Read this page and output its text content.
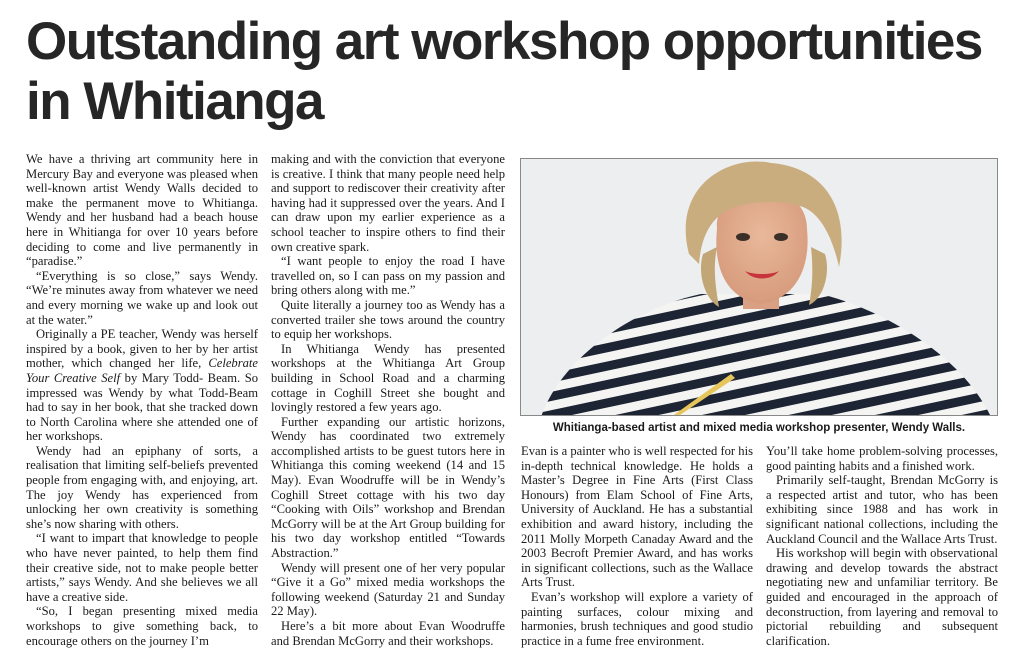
Outstanding art workshop opportunities
in Whitianga

We have a thriving art community here in Mercury Bay and everyone was pleased when well-known artist Wendy Walls decided to make the permanent move to Whitianga. Wendy and her husband had a beach house here in Whitianga for over 10 years before deciding to come and live permanently in “paradise.”

“Everything is so close,” says Wendy. “We’re minutes away from whatever we need and every morning we wake up and look out at the water.”

Originally a PE teacher, Wendy was herself inspired by a book, given to her by her artist mother, which changed her life, Celebrate Your Creative Self by Mary Todd- Beam. So impressed was Wendy by what Todd-Beam had to say in her book, that she tracked down to North Carolina where she attended one of her workshops.

Wendy had an epiphany of sorts, a realisation that limiting self-beliefs prevented people from engaging with, and enjoying, art. The joy Wendy has experienced from unlocking her own creativity is something she’s now sharing with others.

“I want to impart that knowledge to people who have never painted, to help them find their creative side, not to make people better artists,” says Wendy. And she believes we all have a creative side.

“So, I began presenting mixed media workshops to give something back, to encourage others on the journey I’m

making and with the conviction that everyone is creative. I think that many people need help and support to rediscover their creativity after having had it suppressed over the years. And I can draw upon my earlier experience as a school teacher to inspire others to find their own creative spark.

“I want people to enjoy the road I have travelled on, so I can pass on my passion and bring others along with me.”

Quite literally a journey too as Wendy has a converted trailer she tows around the country to equip her workshops.

In Whitianga Wendy has presented workshops at the Whitianga Art Group building in School Road and a charming cottage in Coghill Street she bought and lovingly restored a few years ago.

Further expanding our artistic horizons, Wendy has coordinated two extremely accomplished artists to be guest tutors here in Whitianga this coming weekend (14 and 15 May). Evan Woodruffe will be in Wendy’s Coghill Street cottage with his two day “Cooking with Oils” workshop and Brendan McGorry will be at the Art Group building for his two day workshop entitled “Towards Abstraction.”

Wendy will present one of her very popular “Give it a Go” mixed media workshops the following weekend (Saturday 21 and Sunday 22 May).

Here’s a bit more about Evan Woodruffe and Brendan McGorry and their workshops.

Whitianga-based artist and mixed media workshop presenter, Wendy Walls.

Evan is a painter who is well respected for his in-depth technical knowledge. He holds a Master’s Degree in Fine Arts (First Class Honours) from Elam School of Fine Arts, University of Auckland. He has a substantial exhibition and award history, including the 2011 Molly Morpeth Canaday Award and the 2003 Becroft Premier Award, and has works in significant collections, such as the Wallace Arts Trust.

Evan’s workshop will explore a variety of painting surfaces, colour mixing and harmonies, brush techniques and good studio practice in a fume free environment.

You’ll take home problem-solving processes, good painting habits and a finished work.

Primarily self-taught, Brendan McGorry is a respected artist and tutor, who has been exhibiting since 1988 and has work in significant national collections, including the Auckland Council and the Wallace Arts Trust.

His workshop will begin with observational drawing and develop towards the abstract negotiating new and unfamiliar territory. Be guided and encouraged in the approach of deconstruction, from layering and removal to pictorial rebuilding and subsequent clarification.
